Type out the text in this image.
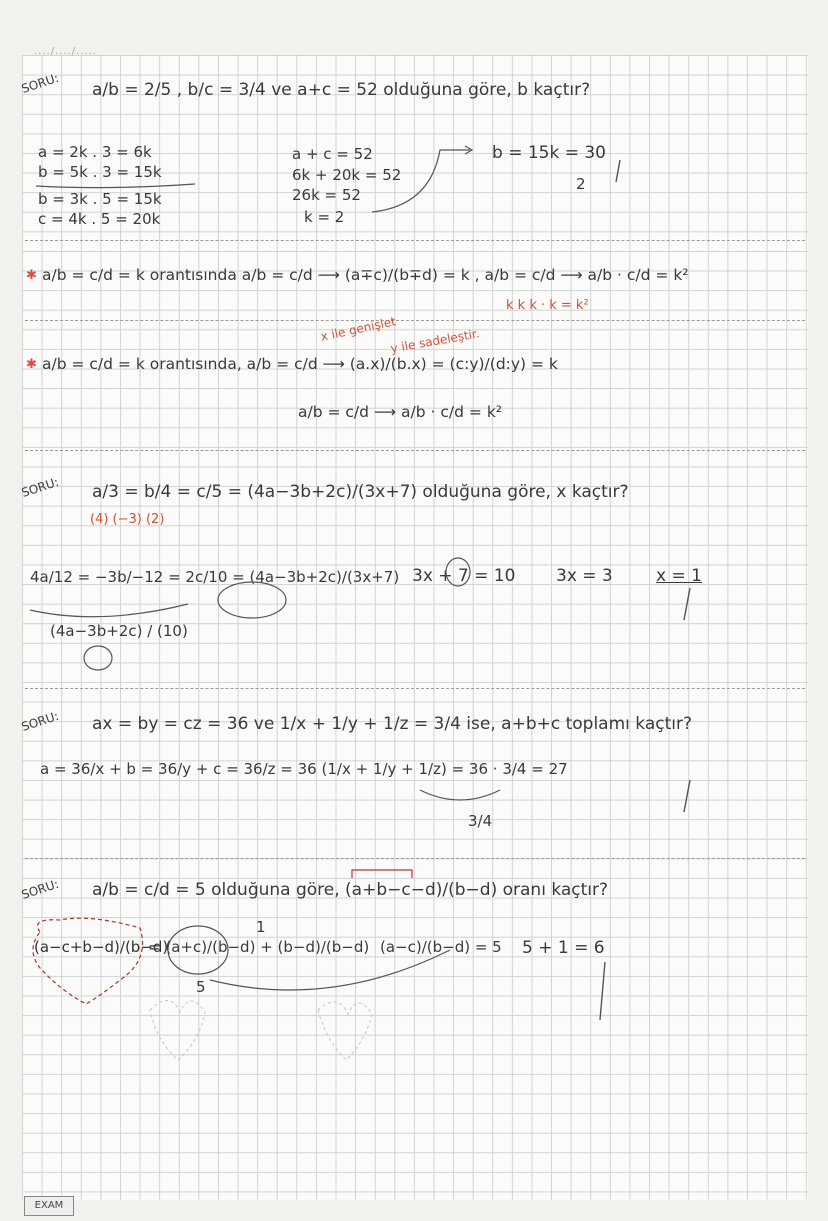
..../..../.....
SORU: a/b = 2/5 , b/c = 3/4 ve a+c = 52 olduğuna göre, b kaçtır?
a = 2k . 3 = 6k
b = 5k . 3 = 15k
b = 3k . 5 = 15k
c = 4k . 5 = 20k
a + c = 52
6k + 20k = 52
26k = 52
k = 2
b = 15k = 30
2
✱ a/b = c/d = k orantısında a/b = c/d ⟶ (a∓c)/(b∓d) = k , a/b = c/d ⟶ a/b · c/d = k²
k k k · k = k²
x ile genişlet
y ile sadeleştir.
✱ a/b = c/d = k orantısında, a/b = c/d ⟶ (a.x)/(b.x) = (c:y)/(d:y) = k
a/b = c/d ⟶ a/b · c/d = k²
SORU: a/3 = b/4 = c/5 = (4a−3b+2c)/(3x+7) olduğuna göre, x kaçtır?
(4) (−3) (2)
4a/12 = −3b/−12 = 2c/10 = (4a−3b+2c)/(3x+7)
(4a−3b+2c) / (10)
3x + 7 = 10 3x = 3	x = 1
SORU: ax = by = cz = 36 ve 1/x + 1/y + 1/z = 3/4 ise, a+b+c toplamı kaçtır?
a = 36/x + b = 36/y + c = 36/z = 36 (1/x + 1/y + 1/z) = 36 · 3/4 = 27
3/4
SORU: a/b = c/d = 5 olduğuna göre, (a+b−c−d)/(b−d) oranı kaçtır?
(a−c+b−d)/(b−d)
= (a+c)/(b−d) + (b−d)/(b−d)
5
1
(a−c)/(b−d) = 5 5 + 1 = 6
EXAM
